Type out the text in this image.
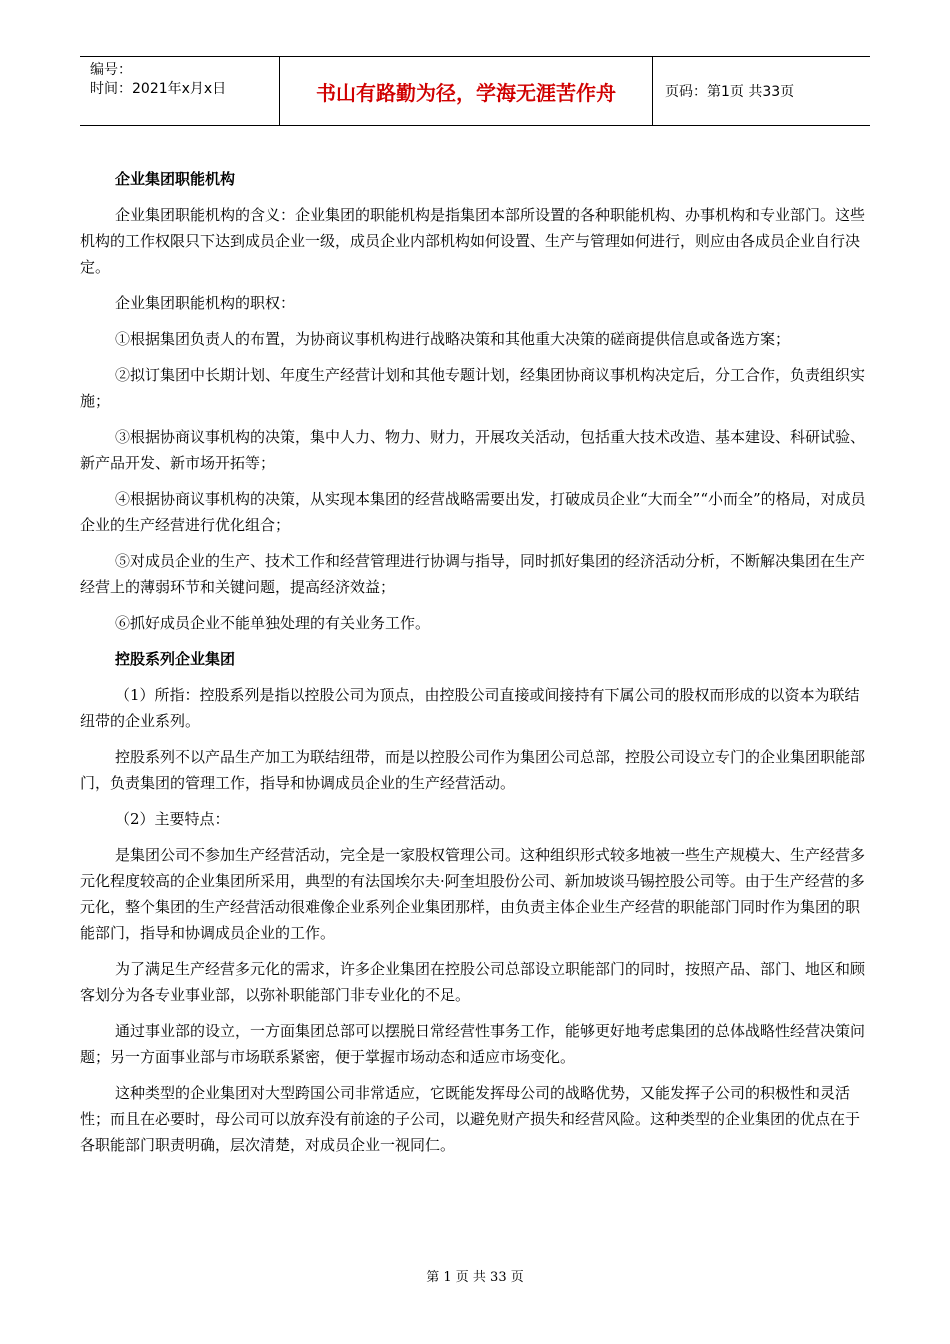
编号：
时间：2021年x月x日	书山有路勤为径，学海无涯苦作舟	页码：第1页 共33页

企业集团职能机构

企业集团职能机构的含义：企业集团的职能机构是指集团本部所设置的各种职能机构、办事机构和专业部门。这些机构的工作权限只下达到成员企业一级，成员企业内部机构如何设置、生产与管理如何进行，则应由各成员企业自行决定。

企业集团职能机构的职权：

①根据集团负责人的布置，为协商议事机构进行战略决策和其他重大决策的磋商提供信息或备选方案；

②拟订集团中长期计划、年度生产经营计划和其他专题计划，经集团协商议事机构决定后，分工合作，负责组织实施；

③根据协商议事机构的决策，集中人力、物力、财力，开展攻关活动，包括重大技术改造、基本建设、科研试验、新产品开发、新市场开拓等；

④根据协商议事机构的决策，从实现本集团的经营战略需要出发，打破成员企业“大而全”“小而全”的格局，对成员企业的生产经营进行优化组合；

⑤对成员企业的生产、技术工作和经营管理进行协调与指导，同时抓好集团的经济活动分析，不断解决集团在生产经营上的薄弱环节和关键问题，提高经济效益；

⑥抓好成员企业不能单独处理的有关业务工作。

控股系列企业集团

（1）所指：控股系列是指以控股公司为顶点，由控股公司直接或间接持有下属公司的股权而形成的以资本为联结纽带的企业系列。

控股系列不以产品生产加工为联结纽带，而是以控股公司作为集团公司总部，控股公司设立专门的企业集团职能部门，负责集团的管理工作，指导和协调成员企业的生产经营活动。

（2）主要特点：

是集团公司不参加生产经营活动，完全是一家股权管理公司。这种组织形式较多地被一些生产规模大、生产经营多元化程度较高的企业集团所采用，典型的有法国埃尔夫·阿奎坦股份公司、新加坡谈马锡控股公司等。由于生产经营的多元化，整个集团的生产经营活动很难像企业系列企业集团那样，由负责主体企业生产经营的职能部门同时作为集团的职能部门，指导和协调成员企业的工作。

为了满足生产经营多元化的需求，许多企业集团在控股公司总部设立职能部门的同时，按照产品、部门、地区和顾客划分为各专业事业部，以弥补职能部门非专业化的不足。

通过事业部的设立，一方面集团总部可以摆脱日常经营性事务工作，能够更好地考虑集团的总体战略性经营决策问题；另一方面事业部与市场联系紧密，便于掌握市场动态和适应市场变化。

这种类型的企业集团对大型跨国公司非常适应，它既能发挥母公司的战略优势，又能发挥子公司的积极性和灵活性；而且在必要时，母公司可以放弃没有前途的子公司，以避免财产损失和经营风险。这种类型的企业集团的优点在于各职能部门职责明确，层次清楚，对成员企业一视同仁。

第 1 页 共 33 页
